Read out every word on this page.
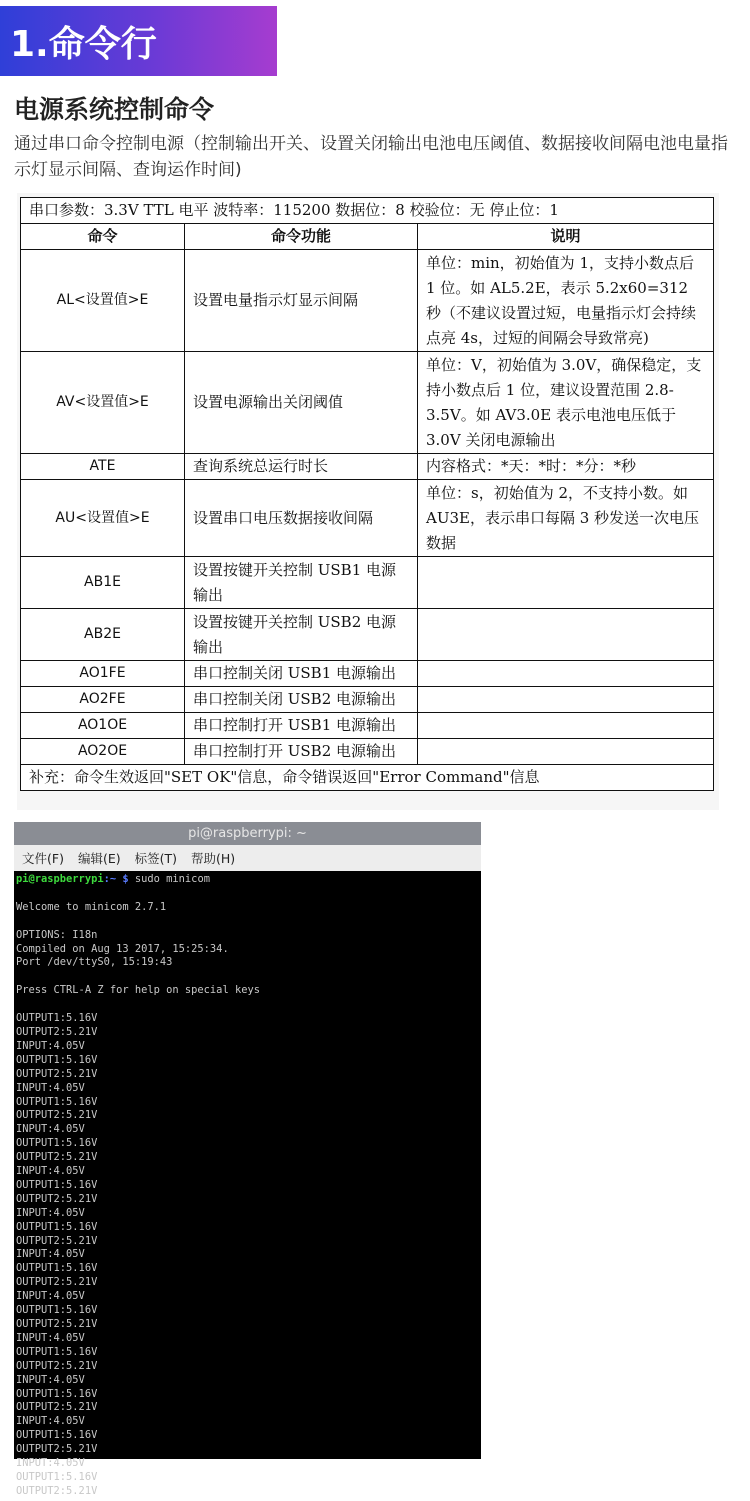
1.命令行
电源系统控制命令
通过串口命令控制电源（控制输出开关、设置关闭输出电池电压阈值、数据接收间隔电池电量指示灯显示间隔、查询运作时间)
串口参数：3.3V TTL 电平 波特率：115200 数据位：8 校验位：无 停止位：1		
命令	命令功能	说明
AL<设置值>E	设置电量指示灯显示间隔	单位：min，初始值为 1，支持小数点后 1 位。如 AL5.2E，表示 5.2x60=312 秒（不建议设置过短，电量指示灯会持续点亮 4s，过短的间隔会导致常亮)
AV<设置值>E	设置电源输出关闭阈值	单位：V，初始值为 3.0V，确保稳定，支持小数点后 1 位，建议设置范围 2.8-3.5V。如 AV3.0E 表示电池电压低于 3.0V 关闭电源输出
ATE	查询系统总运行时长	内容格式：*天：*时：*分：*秒
AU<设置值>E	设置串口电压数据接收间隔	单位：s，初始值为 2，不支持小数。如 AU3E，表示串口每隔 3 秒发送一次电压数据
AB1E	设置按键开关控制 USB1 电源输出	
AB2E	设置按键开关控制 USB2 电源输出	
AO1FE	串口控制关闭 USB1 电源输出	
AO2FE	串口控制关闭 USB2 电源输出	
AO1OE	串口控制打开 USB1 电源输出	
AO2OE	串口控制打开 USB2 电源输出	
补充：命令生效返回"SET OK"信息，命令错误返回"Error Command"信息		
pi@raspberrypi: ~
文件(F) 编辑(E) 标签(T) 帮助(H)
pi@raspberrypi:~ $ sudo minicom

Welcome to minicom 2.7.1

OPTIONS: I18n
Compiled on Aug 13 2017, 15:25:34.
Port /dev/ttyS0, 15:19:43

Press CTRL-A Z for help on special keys

OUTPUT1:5.16V
OUTPUT2:5.21V
INPUT:4.05V
OUTPUT1:5.16V
OUTPUT2:5.21V
INPUT:4.05V
OUTPUT1:5.16V
OUTPUT2:5.21V
INPUT:4.05V
OUTPUT1:5.16V
OUTPUT2:5.21V
INPUT:4.05V
OUTPUT1:5.16V
OUTPUT2:5.21V
INPUT:4.05V
OUTPUT1:5.16V
OUTPUT2:5.21V
INPUT:4.05V
OUTPUT1:5.16V
OUTPUT2:5.21V
INPUT:4.05V
OUTPUT1:5.16V
OUTPUT2:5.21V
INPUT:4.05V
OUTPUT1:5.16V
OUTPUT2:5.21V
INPUT:4.05V
OUTPUT1:5.16V
OUTPUT2:5.21V
INPUT:4.05V
OUTPUT1:5.16V
OUTPUT2:5.21V
INPUT:4.05V
OUTPUT1:5.16V
OUTPUT2:5.21V
